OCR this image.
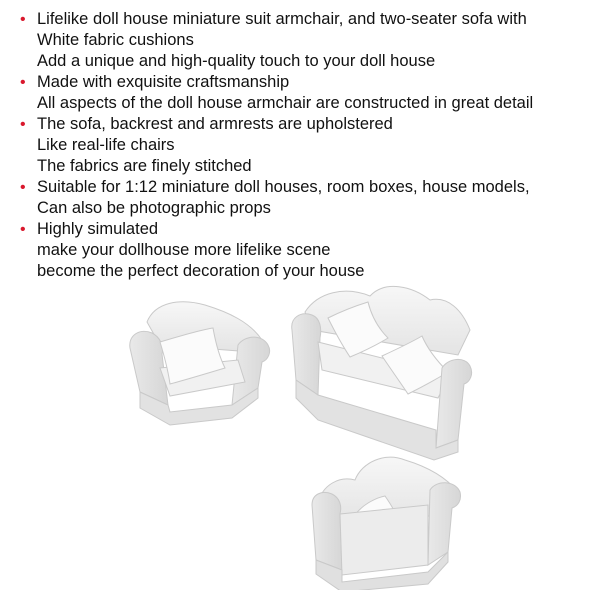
• Lifelike doll house miniature suit armchair, and two-seater sofa with
White fabric cushions
Add a unique and high-quality touch to your doll house
• Made with exquisite craftsmanship
All aspects of the doll house armchair are constructed in great detail
• The sofa, backrest and armrests are upholstered
Like real-life chairs
The fabrics are finely stitched
• Suitable for 1:12 miniature doll houses, room boxes, house models,
Can also be photographic props
• Highly simulated
make your dollhouse more lifelike scene
become the perfect decoration of your house
